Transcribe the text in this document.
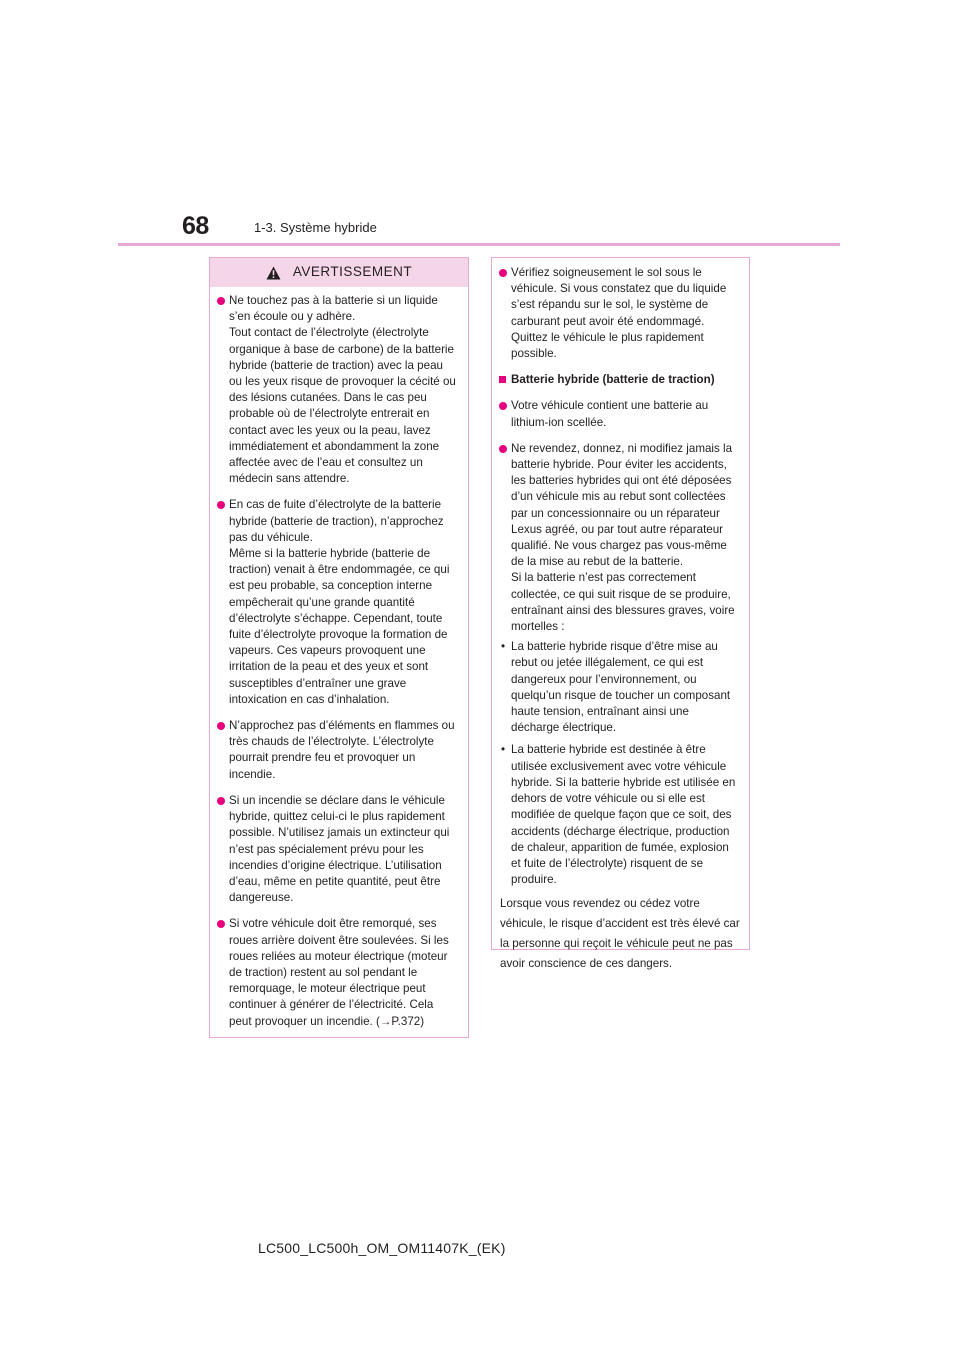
68	1-3. Système hybride
AVERTISSEMENT

Ne touchez pas à la batterie si un liquide s’en écoule ou y adhère.

Tout contact de l’électrolyte (électrolyte organique à base de carbone) de la batterie hybride (batterie de traction) avec la peau ou les yeux risque de provoquer la cécité ou des lésions cutanées. Dans le cas peu probable où de l’électrolyte entrerait en contact avec les yeux ou la peau, lavez immédiatement et abondamment la zone affectée avec de l’eau et consultez un médecin sans attendre.

En cas de fuite d’électrolyte de la batterie hybride (batterie de traction), n’approchez pas du véhicule.

Même si la batterie hybride (batterie de traction) venait à être endommagée, ce qui est peu probable, sa conception interne empêcherait qu’une grande quantité d’électrolyte s’échappe. Cependant, toute fuite d’électrolyte provoque la formation de vapeurs. Ces vapeurs provoquent une irritation de la peau et des yeux et sont susceptibles d’entraîner une grave intoxication en cas d’inhalation.

N’approchez pas d’éléments en flammes ou très chauds de l’électrolyte. L’électrolyte pourrait prendre feu et provoquer un incendie.

Si un incendie se déclare dans le véhicule hybride, quittez celui-ci le plus rapidement possible. N’utilisez jamais un extincteur qui n’est pas spécialement prévu pour les incendies d’origine électrique. L’utilisation d’eau, même en petite quantité, peut être dangereuse.

Si votre véhicule doit être remorqué, ses roues arrière doivent être soulevées. Si les roues reliées au moteur électrique (moteur de traction) restent au sol pendant le remorquage, le moteur électrique peut continuer à générer de l’électricité. Cela peut provoquer un incendie. (→P.372)

Vérifiez soigneusement le sol sous le véhicule. Si vous constatez que du liquide s’est répandu sur le sol, le système de carburant peut avoir été endommagé. Quittez le véhicule le plus rapidement possible.

Batterie hybride (batterie de traction)

Votre véhicule contient une batterie au lithium-ion scellée.

Ne revendez, donnez, ni modifiez jamais la batterie hybride. Pour éviter les accidents, les batteries hybrides qui ont été déposées d’un véhicule mis au rebut sont collectées par un concessionnaire ou un réparateur Lexus agréé, ou par tout autre réparateur qualifié. Ne vous chargez pas vous-même de la mise au rebut de la batterie.

Si la batterie n’est pas correctement collectée, ce qui suit risque de se produire, entraînant ainsi des blessures graves, voire mortelles :

• La batterie hybride risque d’être mise au rebut ou jetée illégalement, ce qui est dangereux pour l’environnement, ou quelqu’un risque de toucher un composant haute tension, entraînant ainsi une décharge électrique.

• La batterie hybride est destinée à être utilisée exclusivement avec votre véhicule hybride. Si la batterie hybride est utilisée en dehors de votre véhicule ou si elle est modifiée de quelque façon que ce soit, des accidents (décharge électrique, production de chaleur, apparition de fumée, explosion et fuite de l’électrolyte) risquent de se produire.

Lorsque vous revendez ou cédez votre véhicule, le risque d’accident est très élevé car la personne qui reçoit le véhicule peut ne pas avoir conscience de ces dangers.

LC500_LC500h_OM_OM11407K_(EK)
